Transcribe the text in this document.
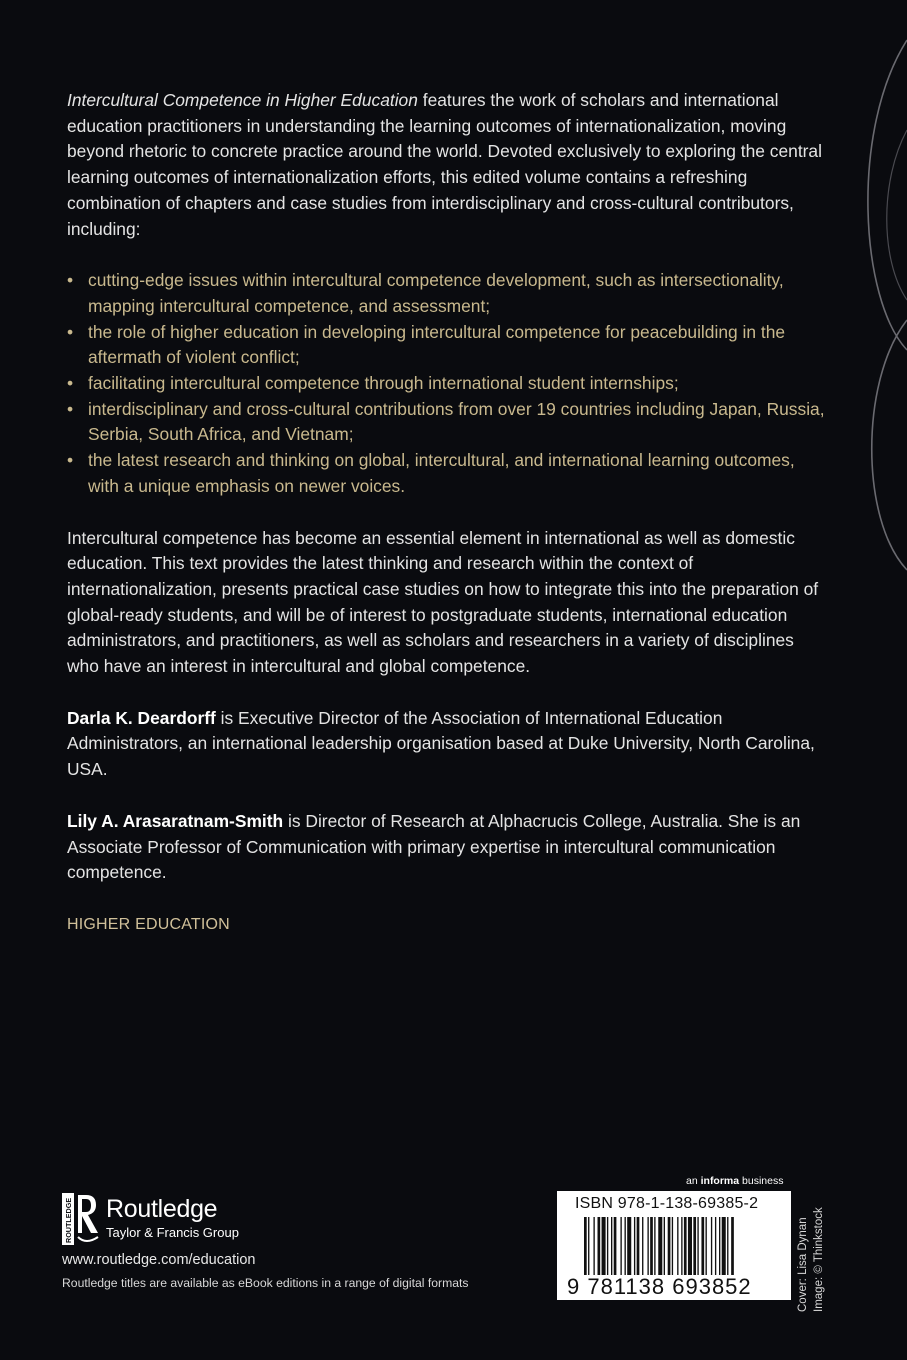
Intercultural Competence in Higher Education features the work of scholars and international education practitioners in understanding the learning outcomes of internationalization, moving beyond rhetoric to concrete practice around the world. Devoted exclusively to exploring the central learning outcomes of internationalization efforts, this edited volume contains a refreshing combination of chapters and case studies from interdisciplinary and cross-cultural contributors, including:

• cutting-edge issues within intercultural competence development, such as intersectionality, mapping intercultural competence, and assessment;
• the role of higher education in developing intercultural competence for peacebuilding in the aftermath of violent conflict;
• facilitating intercultural competence through international student internships;
• interdisciplinary and cross-cultural contributions from over 19 countries including Japan, Russia, Serbia, South Africa, and Vietnam;
• the latest research and thinking on global, intercultural, and international learning outcomes, with a unique emphasis on newer voices.

Intercultural competence has become an essential element in international as well as domestic education. This text provides the latest thinking and research within the context of internationalization, presents practical case studies on how to integrate this into the preparation of global-ready students, and will be of interest to postgraduate students, international education administrators, and practitioners, as well as scholars and researchers in a variety of disciplines who have an interest in intercultural and global competence.

Darla K. Deardorff is Executive Director of the Association of International Education Administrators, an international leadership organisation based at Duke University, North Carolina, USA.

Lily A. Arasaratnam-Smith is Director of Research at Alphacrucis College, Australia. She is an Associate Professor of Communication with primary expertise in intercultural communication competence.

HIGHER EDUCATION

ROUTLEDGE Routledge
Taylor & Francis Group
www.routledge.com/education
Routledge titles are available as eBook editions in a range of digital formats
an informa business
ISBN 978-1-138-69385-2
9 781138 693852	Cover: Lisa Dynan Image: © Thinkstock
